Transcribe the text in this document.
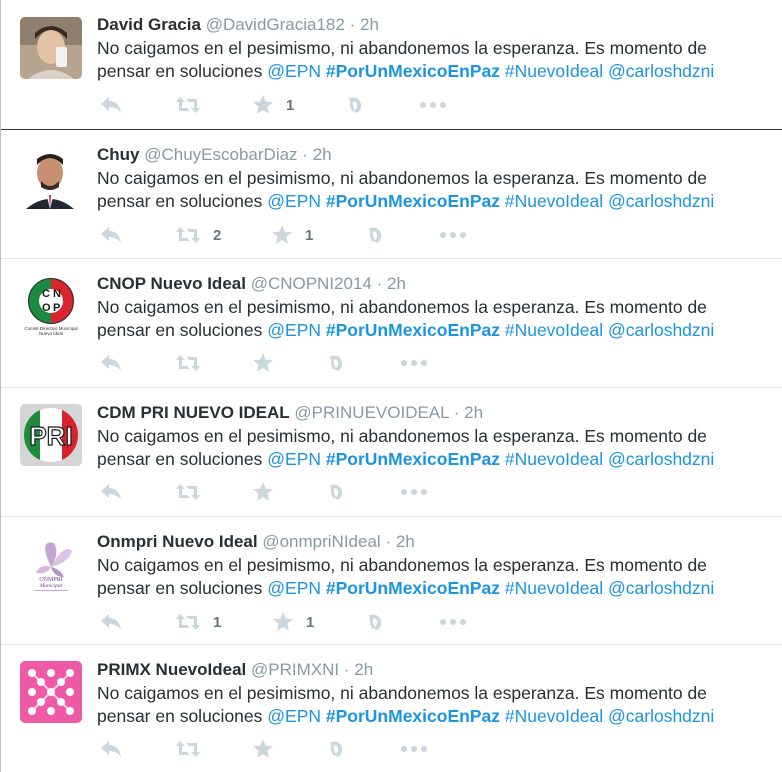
David Gracia @DavidGracia182 · 2h
No caigamos en el pesimismo, ni abandonemos la esperanza. Es momento de
pensar en soluciones @EPN #PorUnMexicoEnPaz #NuevoIdeal @carloshdzni
1
Chuy @ChuyEscobarDiaz · 2h
No caigamos en el pesimismo, ni abandonemos la esperanza. Es momento de
pensar en soluciones @EPN #PorUnMexicoEnPaz #NuevoIdeal @carloshdzni
2	1
C N
O P
Comité Directivo Municipal
Nuevo Ideal
CNOP Nuevo Ideal @CNOPNI2014 · 2h
No caigamos en el pesimismo, ni abandonemos la esperanza. Es momento de
pensar en soluciones @EPN #PorUnMexicoEnPaz #NuevoIdeal @carloshdzni
PRI
CDM PRI NUEVO IDEAL @PRINUEVOIDEAL · 2h
No caigamos en el pesimismo, ni abandonemos la esperanza. Es momento de
pensar en soluciones @EPN #PorUnMexicoEnPaz #NuevoIdeal @carloshdzni
ONMPRI
Municipal
Onmpri Nuevo Ideal @onmpriNIdeal · 2h
No caigamos en el pesimismo, ni abandonemos la esperanza. Es momento de
pensar en soluciones @EPN #PorUnMexicoEnPaz #NuevoIdeal @carloshdzni
1	1
PRIMX NuevoIdeal @PRIMXNI · 2h
No caigamos en el pesimismo, ni abandonemos la esperanza. Es momento de
pensar en soluciones @EPN #PorUnMexicoEnPaz #NuevoIdeal @carloshdzni
